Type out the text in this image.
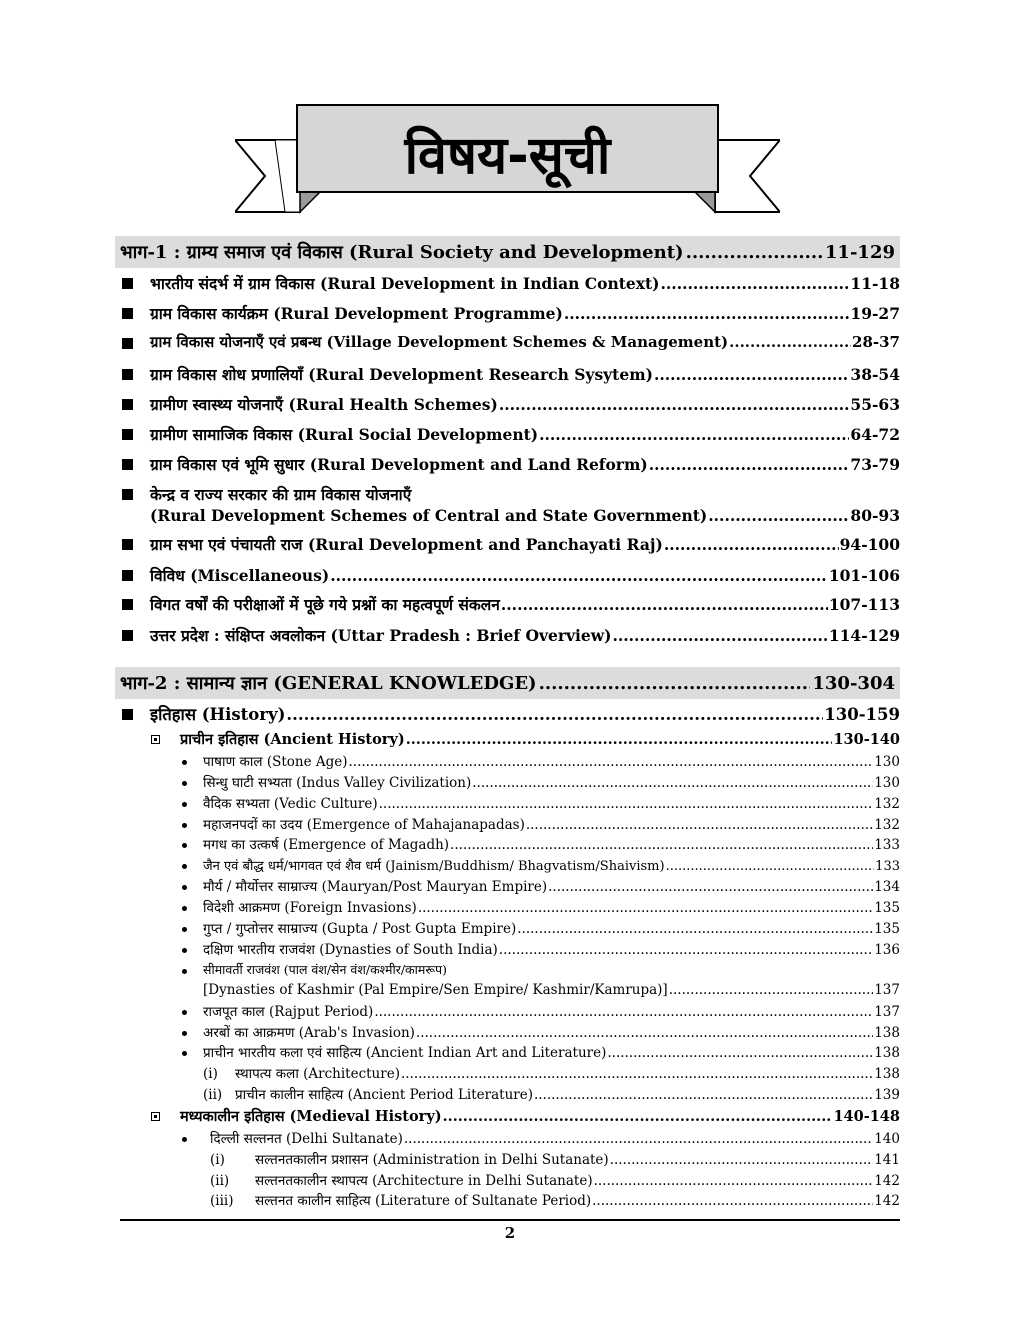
विषय-सूची
भाग-1 : ग्राम्य समाज एवं विकास (Rural Society and Development) .....	11-129
भारतीय संदर्भ में ग्राम विकास (Rural Development in Indian Context) .....	11-18
ग्राम विकास कार्यक्रम (Rural Development Programme) .....	19-27
ग्राम विकास योजनाएँ एवं प्रबन्ध (Village Development Schemes & Management) .....	28-37
ग्राम विकास शोध प्रणालियाँ (Rural Development Research Sysytem) .....	38-54
ग्रामीण स्वास्थ्य योजनाएँ (Rural Health Schemes) .....	55-63
ग्रामीण सामाजिक विकास (Rural Social Development) .....	64-72
ग्राम विकास एवं भूमि सुधार (Rural Development and Land Reform) .....	73-79
केन्द्र व राज्य सरकार की ग्राम विकास योजनाएँ
(Rural Development Schemes of Central and State Government) .....	80-93
ग्राम सभा एवं पंचायती राज (Rural Development and Panchayati Raj) .....	94-100
विविध (Miscellaneous) .....	101-106
विगत वर्षों की परीक्षाओं में पूछे गये प्रश्नों का महत्वपूर्ण संकलन .....	107-113
उत्तर प्रदेश : संक्षिप्त अवलोकन (Uttar Pradesh : Brief Overview) .....	114-129
भाग-2 : सामान्य ज्ञान (GENERAL KNOWLEDGE) .....	130-304
इतिहास (History) .....	130-159
प्राचीन इतिहास (Ancient History) .....	130-140
पाषाण काल (Stone Age) .....	130
सिन्धु घाटी सभ्यता (Indus Valley Civilization) .....	130
वैदिक सभ्यता (Vedic Culture) .....	132
महाजनपदों का उदय (Emergence of Mahajanapadas) .....	132
मगध का उत्कर्ष (Emergence of Magadh) .....	133
जैन एवं बौद्ध धर्म/भागवत एवं शैव धर्म (Jainism/Buddhism/ Bhagvatism/Shaivism) .....	133
मौर्य / मौर्योत्तर साम्राज्य (Mauryan/Post Mauryan Empire) .....	134
विदेशी आक्रमण (Foreign Invasions) .....	135
गुप्त / गुप्तोत्तर साम्राज्य (Gupta / Post Gupta Empire) .....	135
दक्षिण भारतीय राजवंश (Dynasties of South India) .....	136
सीमावर्ती राजवंश (पाल वंश/सेन वंश/कश्मीर/कामरूप)
[Dynasties of Kashmir (Pal Empire/Sen Empire/ Kashmir/Kamrupa)] .....	137
राजपूत काल (Rajput Period) .....	137
अरबों का आक्रमण (Arab's Invasion) .....	138
प्राचीन भारतीय कला एवं साहित्य (Ancient Indian Art and Literature) .....	138
(i)	स्थापत्य कला (Architecture) .....	138
(ii) प्राचीन कालीन साहित्य (Ancient Period Literature) .....	139
मध्यकालीन इतिहास (Medieval History) .....	140-148
दिल्ली सल्तनत (Delhi Sultanate) .....	140
(i)	सल्तनतकालीन प्रशासन (Administration in Delhi Sutanate) .....	141
(ii)	सल्तनतकालीन स्थापत्य (Architecture in Delhi Sutanate) .....	142
(iii)	सल्तनत कालीन साहित्य (Literature of Sultanate Period) .....	142
2
